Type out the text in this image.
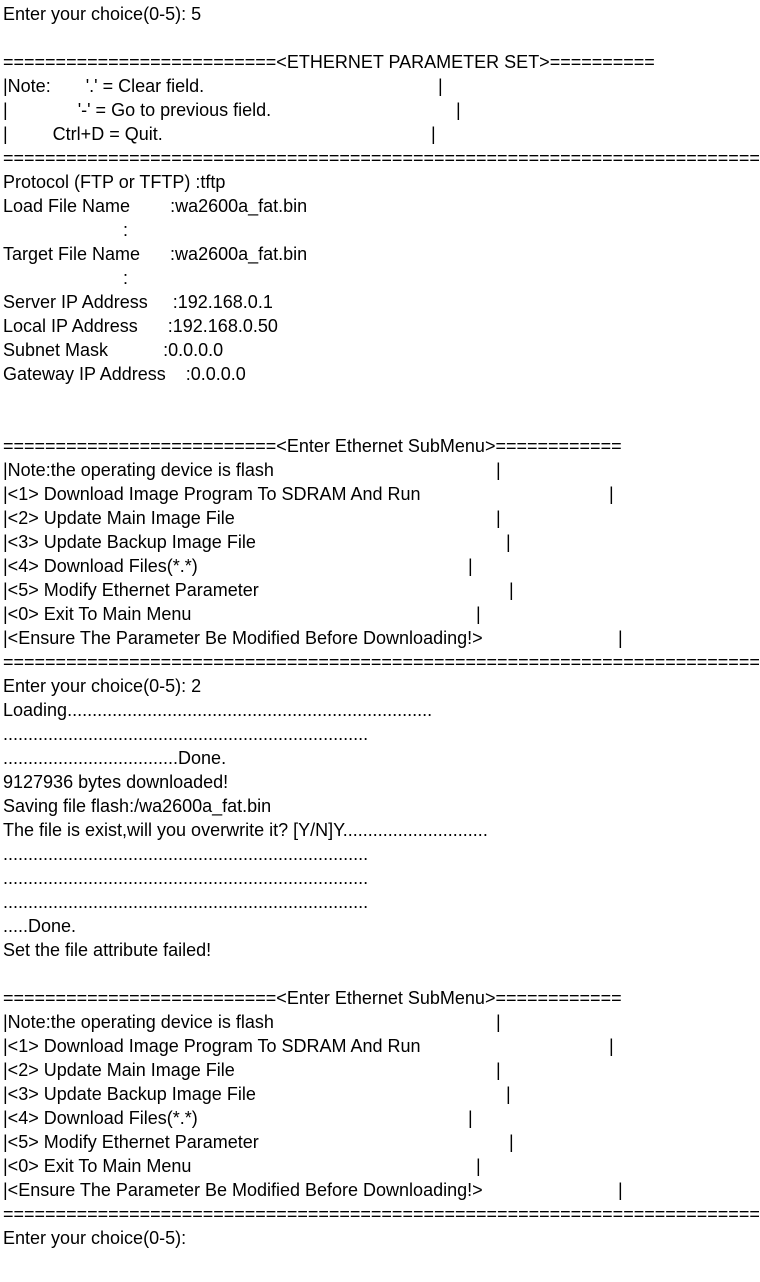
Enter your choice(0-5): 5
==========================<ETHERNET PARAMETER SET>==========
|Note:       '.' = Clear field.	|
|              '-' = Go to previous field.	|
|         Ctrl+D = Quit.	|
========================================================================
Protocol (FTP or TFTP) :tftp
Load File Name        :wa2600a_fat.bin
:
Target File Name      :wa2600a_fat.bin
:
Server IP Address     :192.168.0.1
Local IP Address      :192.168.0.50
Subnet Mask           :0.0.0.0
Gateway IP Address    :0.0.0.0
==========================<Enter Ethernet SubMenu>============
|Note:the operating device is flash	|
|<1> Download Image Program To SDRAM And Run	|
|<2> Update Main Image File	|
|<3> Update Backup Image File	|
|<4> Download Files(*.*)	|
|<5> Modify Ethernet Parameter	|
|<0> Exit To Main Menu	|
|<Ensure The Parameter Be Modified Before Downloading!>	|
========================================================================
Enter your choice(0-5): 2
Loading.........................................................................
.........................................................................
...................................Done.
9127936 bytes downloaded!
Saving file flash:/wa2600a_fat.bin
The file is exist,will you overwrite it? [Y/N]Y.............................
.........................................................................
.........................................................................
.........................................................................
.....Done.
Set the file attribute failed!
==========================<Enter Ethernet SubMenu>============
|Note:the operating device is flash	|
|<1> Download Image Program To SDRAM And Run	|
|<2> Update Main Image File	|
|<3> Update Backup Image File	|
|<4> Download Files(*.*)	|
|<5> Modify Ethernet Parameter	|
|<0> Exit To Main Menu	|
|<Ensure The Parameter Be Modified Before Downloading!>	|
========================================================================
Enter your choice(0-5):
